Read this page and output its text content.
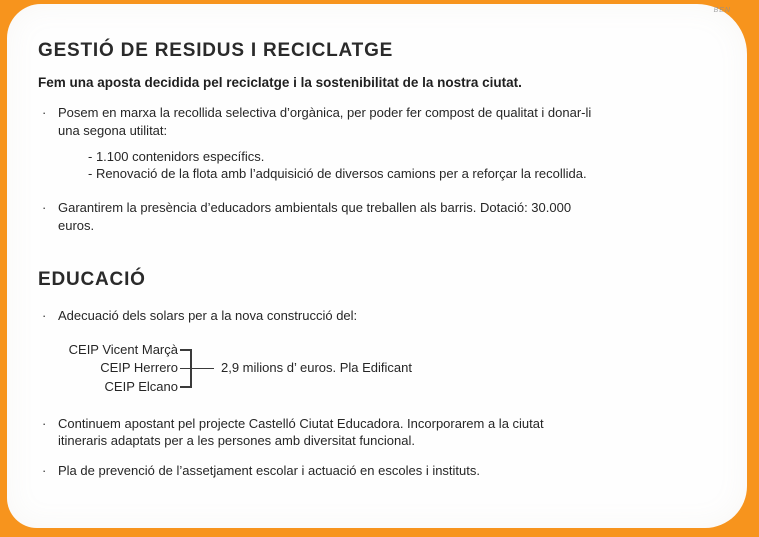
BEN
GESTIÓ DE RESIDUS I RECICLATGE

Fem una aposta decidida pel reciclatge i la sostenibilitat de la nostra ciutat.

· Posem en marxa la recollida selectiva d’orgànica, per poder fer compost de qualitat i donar-li
una segona utilitat:
- 1.100 contenidors específics.
- Renovació de la flota amb l’adquisició de diversos camions per a reforçar la recollida.
· Garantirem la presència d’educadors ambientals que treballen als barris. Dotació: 30.000
euros.
EDUCACIÓ
· Adecuació dels solars per a la nova construcció del:
CEIP Vicent Marçà
CEIP Herrero
CEIP Elcano
2,9 milions d’ euros. Pla Edificant
· Continuem apostant pel projecte Castelló Ciutat Educadora. Incorporarem a la ciutat
itineraris adaptats per a les persones amb diversitat funcional.
· Pla de prevenció de l’assetjament escolar i actuació en escoles i instituts.
